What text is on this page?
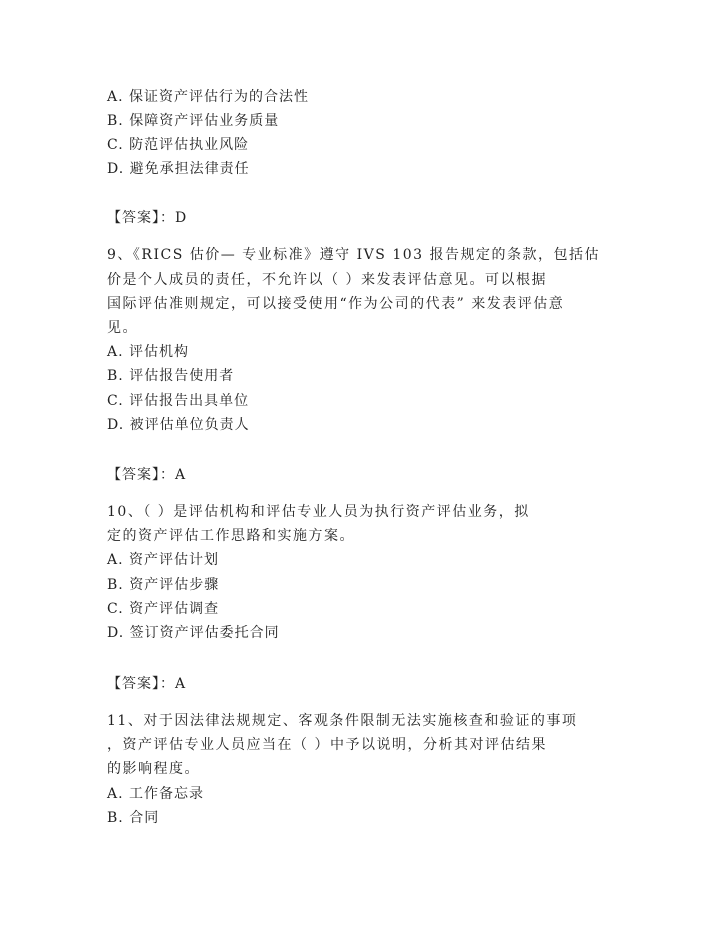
A. 保证资产评估行为的合法性
B. 保障资产评估业务质量
C. 防范评估执业风险
D. 避免承担法律责任
【答案】：D
9、《RICS 估价— 专业标准》遵守 IVS 103 报告规定的条款，包括估
价是个人成员的责任，不允许以（ ）来发表评估意见。可以根据
国际评估准则规定，可以接受使用“作为公司的代表” 来发表评估意
见。
A. 评估机构
B. 评估报告使用者
C. 评估报告出具单位
D. 被评估单位负责人
【答案】：A
10、（ ）是评估机构和评估专业人员为执行资产评估业务，拟
定的资产评估工作思路和实施方案。
A. 资产评估计划
B. 资产评估步骤
C. 资产评估调查
D. 签订资产评估委托合同
【答案】：A
11、对于因法律法规规定、客观条件限制无法实施核查和验证的事项
，资产评估专业人员应当在（ ）中予以说明，分析其对评估结果
的影响程度。
A. 工作备忘录
B. 合同
